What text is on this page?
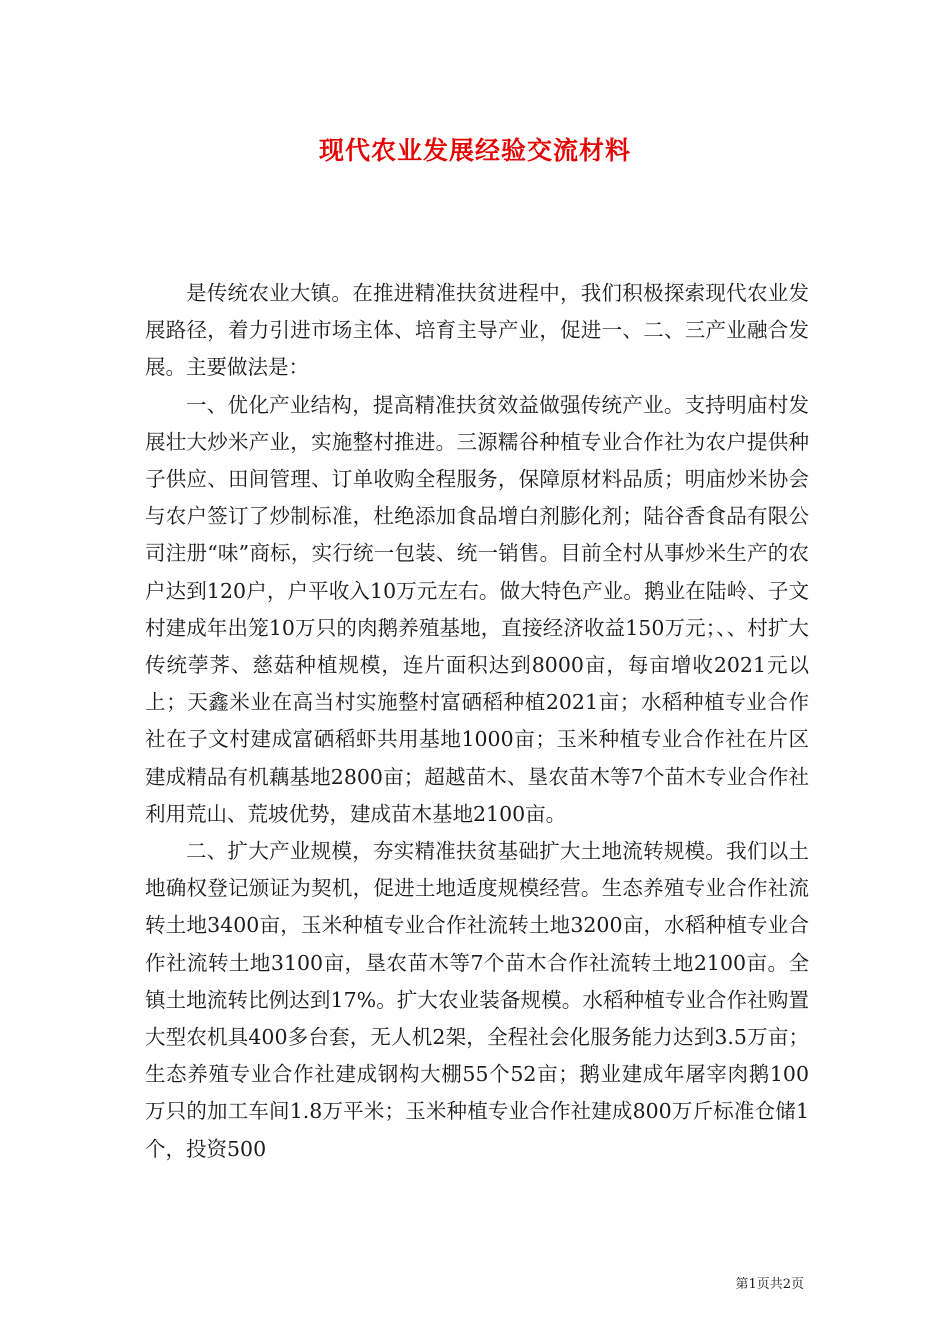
现代农业发展经验交流材料

是传统农业大镇。在推进精准扶贫进程中，我们积极探索现代农业发展路径，着力引进市场主体、培育主导产业，促进一、二、三产业融合发展。主要做法是：

一、优化产业结构，提高精准扶贫效益做强传统产业。支持明庙村发展壮大炒米产业，实施整村推进。三源糯谷种植专业合作社为农户提供种子供应、田间管理、订单收购全程服务，保障原材料品质；明庙炒米协会与农户签订了炒制标准，杜绝添加食品增白剂膨化剂；陆谷香食品有限公司注册“味”商标，实行统一包装、统一销售。目前全村从事炒米生产的农户达到120户，户平收入10万元左右。做大特色产业。鹅业在陆岭、子文村建成年出笼10万只的肉鹅养殖基地，直接经济收益150万元；、、村扩大传统荸荠、慈菇种植规模，连片面积达到8000亩，每亩增收2021元以上；天鑫米业在高当村实施整村富硒稻种植2021亩；水稻种植专业合作社在子文村建成富硒稻虾共用基地1000亩；玉米种植专业合作社在片区建成精品有机藕基地2800亩；超越苗木、垦农苗木等7个苗木专业合作社利用荒山、荒坡优势，建成苗木基地2100亩。

二、扩大产业规模，夯实精准扶贫基础扩大土地流转规模。我们以土地确权登记颁证为契机，促进土地适度规模经营。生态养殖专业合作社流转土地3400亩，玉米种植专业合作社流转土地3200亩，水稻种植专业合作社流转土地3100亩，垦农苗木等7个苗木合作社流转土地2100亩。全镇土地流转比例达到17%。扩大农业装备规模。水稻种植专业合作社购置大型农机具400多台套，无人机2架，全程社会化服务能力达到3.5万亩；生态养殖专业合作社建成钢构大棚55个52亩；鹅业建成年屠宰肉鹅100万只的加工车间1.8万平米；玉米种植专业合作社建成800万斤标准仓储1个，投资500

第1页共2页
